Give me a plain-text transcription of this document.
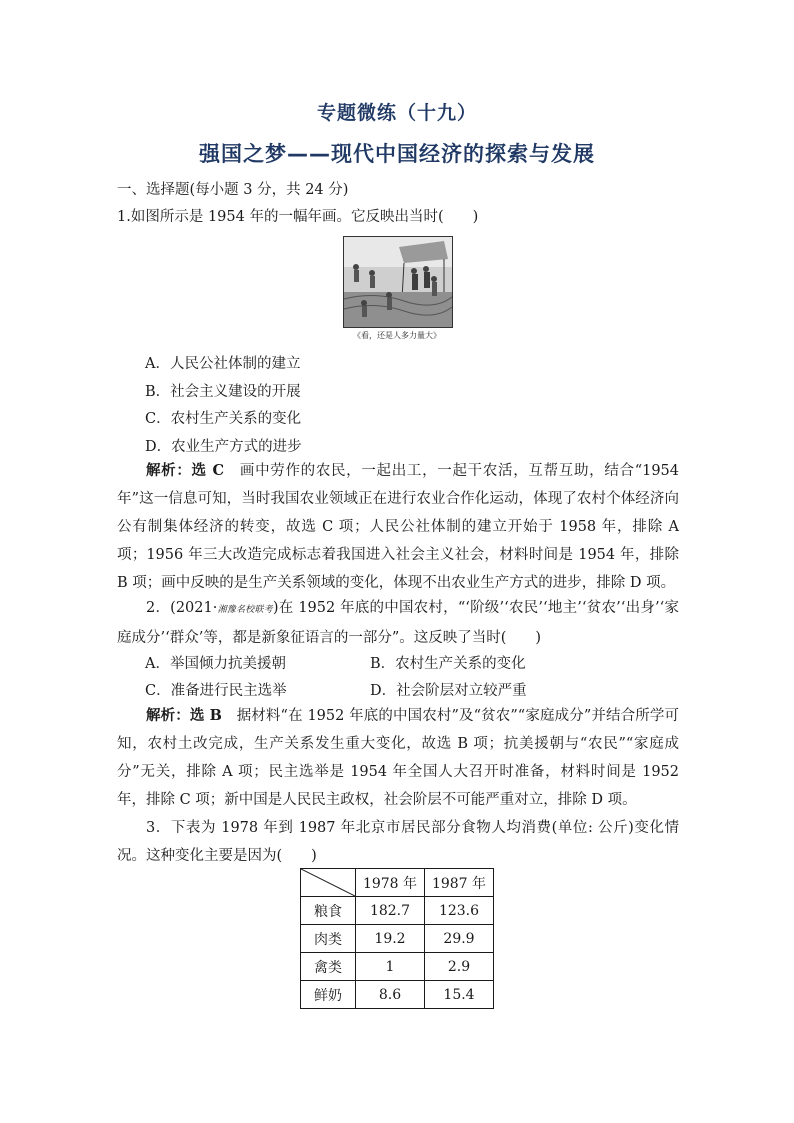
专题微练（十九）
强国之梦——现代中国经济的探索与发展
一、选择题(每小题 3 分，共 24 分)
1.如图所示是 1954 年的一幅年画。它反映出当时(　　)
《看，还是人多力量大》
A．人民公社体制的建立
B．社会主义建设的开展
C．农村生产关系的变化
D．农业生产方式的进步
解析：选 C　 画中劳作的农民，一起出工，一起干农活，互帮互助，结合“1954 年”这一信息可知，当时我国农业领域正在进行农业合作化运动，体现了农村个体经济向公有制集体经济的转变，故选 C 项；人民公社体制的建立开始于 1958 年，排除 A 项；1956 年三大改造完成标志着我国进入社会主义社会，材料时间是 1954 年，排除 B 项；画中反映的是生产关系领域的变化，体现不出农业生产方式的进步，排除 D 项。
2．(2021·湘豫名校联考)在 1952 年底的中国农村，“‘阶级’‘农民’‘地主’‘贫农’‘出身’‘家庭成分’‘群众’等，都是新象征语言的一部分”。这反映了当时(　　)
A．举国倾力抗美援朝	B．农村生产关系的变化
C．准备进行民主选举	D．社会阶层对立较严重
解析：选 B　 据材料“在 1952 年底的中国农村”及“贫农”“家庭成分”并结合所学可知，农村土改完成，生产关系发生重大变化，故选 B 项；抗美援朝与“农民”“家庭成分”无关，排除 A 项；民主选举是 1954 年全国人大召开时准备，材料时间是 1952 年，排除 C 项；新中国是人民民主政权，社会阶层不可能严重对立，排除 D 项。
3．下表为 1978 年到 1987 年北京市居民部分食物人均消费(单位: 公斤)变化情况。这种变化主要是因为(　　)
	1978 年	1987 年
粮食	182.7	123.6
肉类	19.2	29.9
禽类	1	2.9
鲜奶	8.6	15.4
